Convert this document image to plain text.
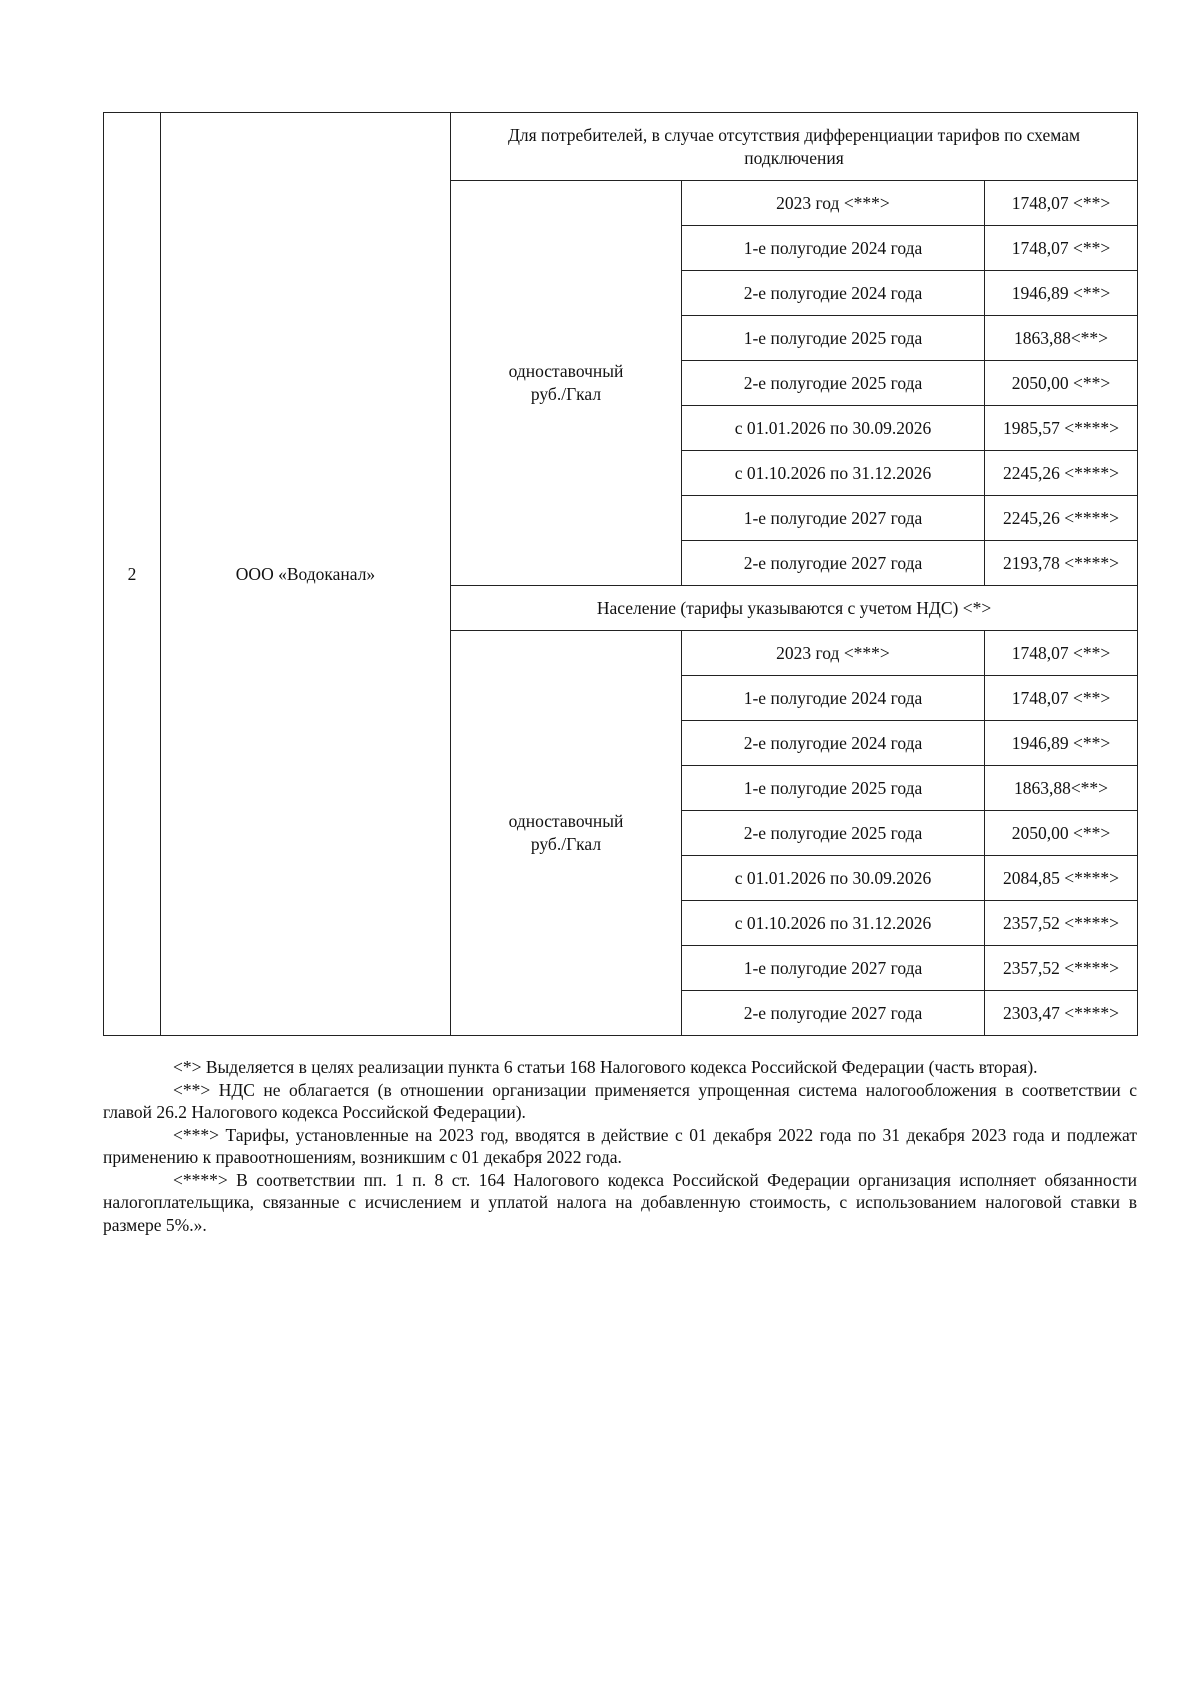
2	ООО «Водоканал»	Для потребителей, в случае отсутствия дифференциации тарифов по схемам подключения		

		одноставочный
руб./Гкал	2023 год <***>	1748,07 <**>
			1-е полугодие 2024 года	1748,07 <**>
			2-е полугодие 2024 года	1946,89 <**>
			1-е полугодие 2025 года	1863,88<**>
			2-е полугодие 2025 года	2050,00 <**>
			с 01.01.2026 по 30.09.2026	1985,57 <****>
			с 01.10.2026 по 31.12.2026	2245,26 <****>
			1-е полугодие 2027 года	2245,26 <****>
			2-е полугодие 2027 года	2193,78 <****>
		Население (тарифы указываются с учетом НДС) <*>		

		одноставочный
руб./Гкал	2023 год <***>	1748,07 <**>
			1-е полугодие 2024 года	1748,07 <**>
			2-е полугодие 2024 года	1946,89 <**>
			1-е полугодие 2025 года	1863,88<**>
			2-е полугодие 2025 года	2050,00 <**>
			с 01.01.2026 по 30.09.2026	2084,85 <****>
			с 01.10.2026 по 31.12.2026	2357,52 <****>
			1-е полугодие 2027 года	2357,52 <****>
			2-е полугодие 2027 года	2303,47 <****>

<*> Выделяется в целях реализации пункта 6 статьи 168 Налогового кодекса Российской Федерации (часть вторая).

<**> НДС не облагается (в отношении организации применяется упрощенная система налогообложения в соответствии с главой 26.2 Налогового кодекса Российской Федерации).

<***> Тарифы, установленные на 2023 год, вводятся в действие с 01 декабря 2022 года по 31 декабря 2023 года и подлежат применению к правоотношениям, возникшим с 01 декабря 2022 года.

<****> В соответствии пп. 1 п. 8 ст. 164 Налогового кодекса Российской Федерации организация исполняет обязанности налогоплательщика, связанные с исчислением и уплатой налога на добавленную стоимость, с использованием налоговой ставки в размере 5%.».
